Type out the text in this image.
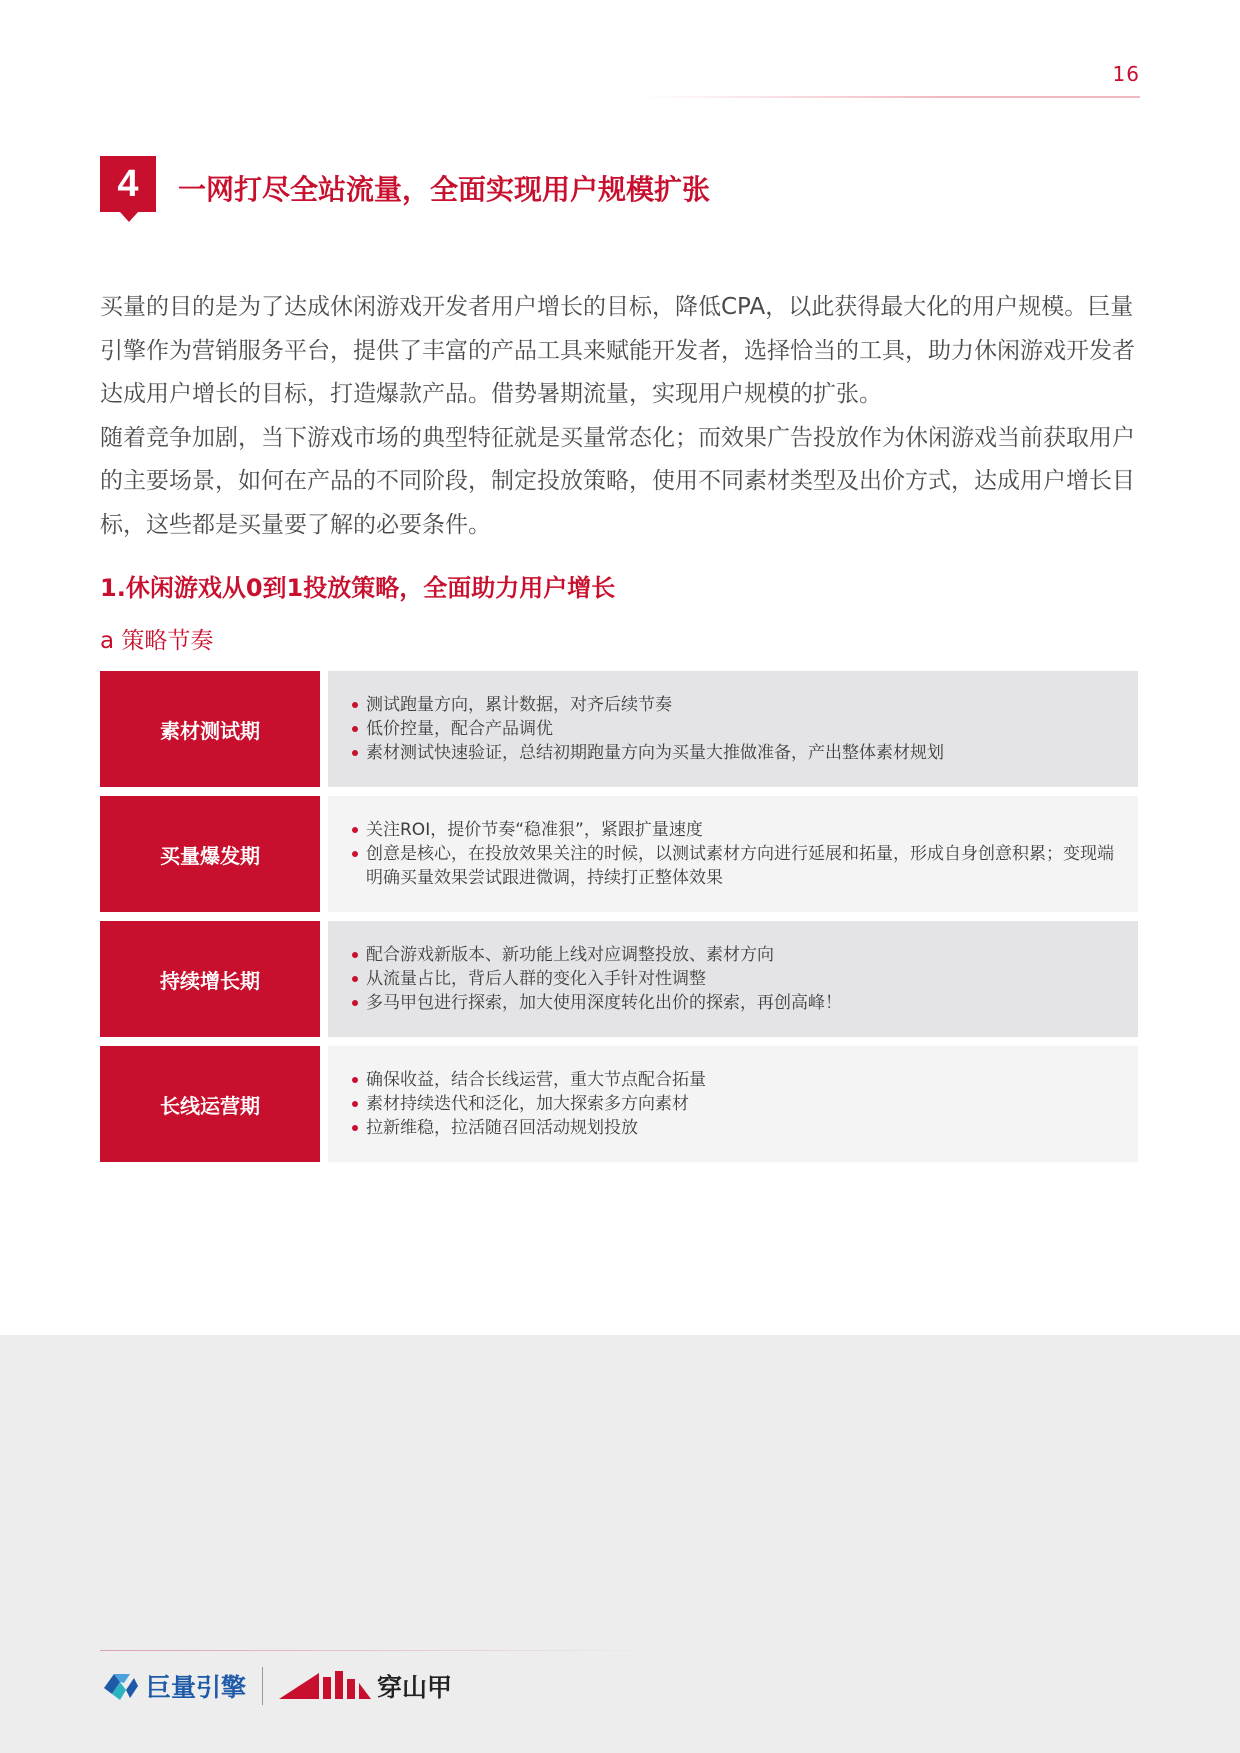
16
4	一网打尽全站流量，全面实现用户规模扩张

买量的目的是为了达成休闲游戏开发者用户增长的目标，降低CPA，以此获得最大化的用户规模。巨量引擎作为营销服务平台，提供了丰富的产品工具来赋能开发者，选择恰当的工具，助力休闲游戏开发者达成用户增长的目标，打造爆款产品。借势暑期流量，实现用户规模的扩张。

随着竞争加剧，当下游戏市场的典型特征就是买量常态化；而效果广告投放作为休闲游戏当前获取用户的主要场景，如何在产品的不同阶段，制定投放策略，使用不同素材类型及出价方式，达成用户增长目标，这些都是买量要了解的必要条件。

1.休闲游戏从0到1投放策略，全面助力用户增长
a 策略节奏
素材测试期
测试跑量方向，累计数据，对齐后续节奏
低价控量，配合产品调优
素材测试快速验证，总结初期跑量方向为买量大推做准备，产出整体素材规划
买量爆发期
关注ROI，提价节奏“稳准狠”，紧跟扩量速度
创意是核心，在投放效果关注的时候，以测试素材方向进行延展和拓量，形成自身创意积累；变现端明确买量效果尝试跟进微调，持续打正整体效果
持续增长期
配合游戏新版本、新功能上线对应调整投放、素材方向
从流量占比，背后人群的变化入手针对性调整
多马甲包进行探索，加大使用深度转化出价的探索，再创高峰！
长线运营期
确保收益，结合长线运营，重大节点配合拓量
素材持续迭代和泛化，加大探索多方向素材
拉新维稳，拉活随召回活动规划投放
巨量引擎	穿山甲
